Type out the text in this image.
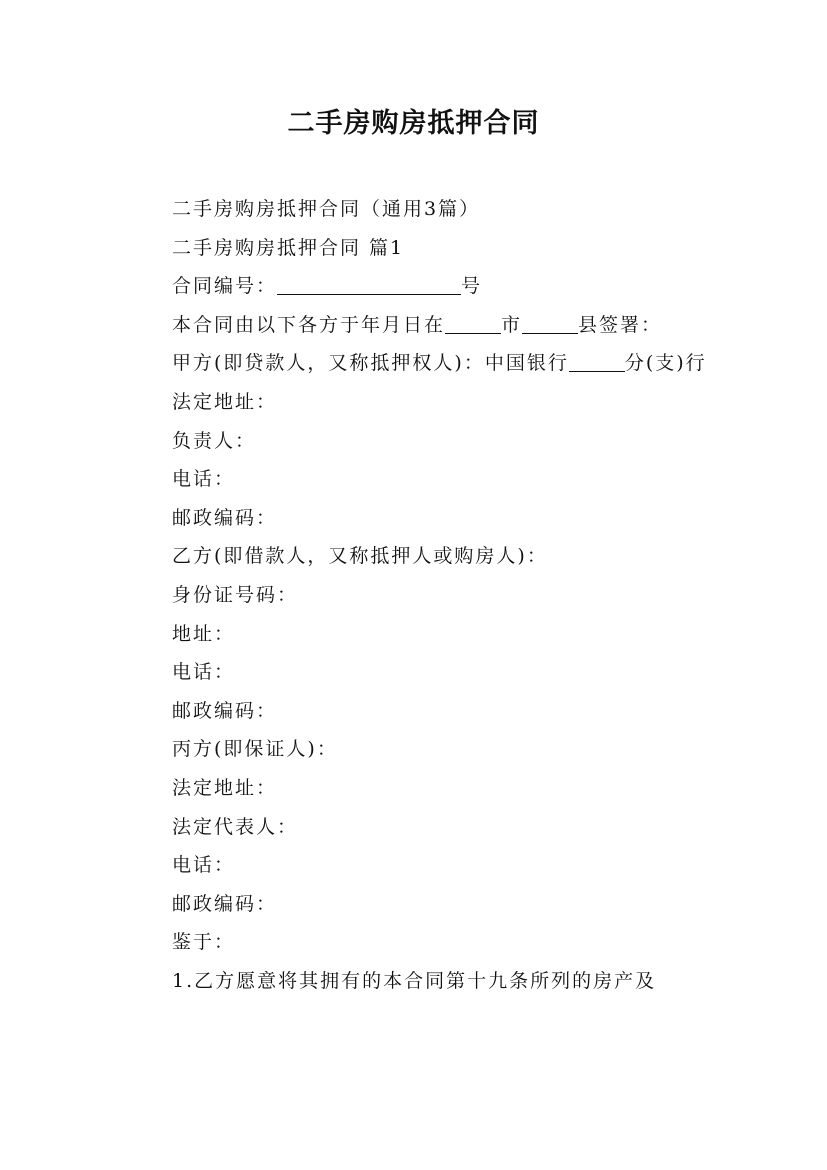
二手房购房抵押合同

二手房购房抵押合同（通用3篇）

二手房购房抵押合同 篇1

合同编号：	号

本合同由以下各方于年月日在	市	县签署：

甲方(即贷款人，又称抵押权人)：中国银行	分(支)行

法定地址：

负责人：

电话：

邮政编码：

乙方(即借款人，又称抵押人或购房人)：

身份证号码：

地址：

电话：

邮政编码：

丙方(即保证人)：

法定地址：

法定代表人：

电话：

邮政编码：

鉴于：

1.乙方愿意将其拥有的本合同第十九条所列的房产及
